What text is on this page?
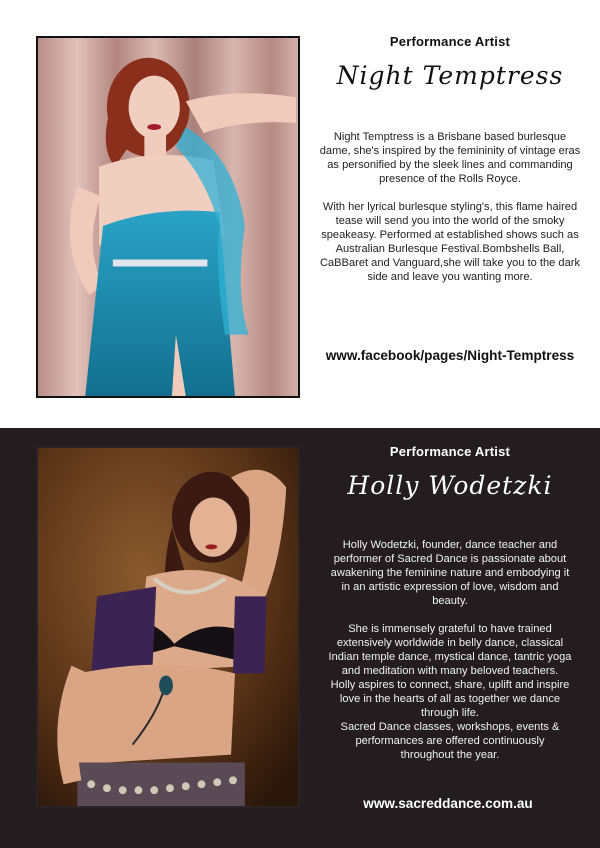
Performance Artist
Night Temptress

Night Temptress is a Brisbane based burlesque dame, she's inspired by the femininity of vintage eras as personified by the sleek lines and commanding presence of the Rolls Royce.

With her lyrical burlesque styling's, this flame haired tease will send you into the world of the smoky speakeasy. Performed at established shows such as Australian Burlesque Festival.Bombshells Ball, CaBBaret and Vanguard,she will take you to the dark side and leave you wanting more.

www.facebook/pages/Night-Temptress
Performance Artist
Holly Wodetzki

Holly Wodetzki, founder, dance teacher and performer of Sacred Dance is passionate about awakening the feminine nature and embodying it in an artistic expression of love, wisdom and beauty.

She is immensely grateful to have trained extensively worldwide in belly dance, classical Indian temple dance, mystical dance, tantric yoga and meditation with many beloved teachers. Holly aspires to connect, share, uplift and inspire love in the hearts of all as together we dance through life.

Sacred Dance classes, workshops, events & performances are offered continuously throughout the year.

www.sacreddance.com.au
